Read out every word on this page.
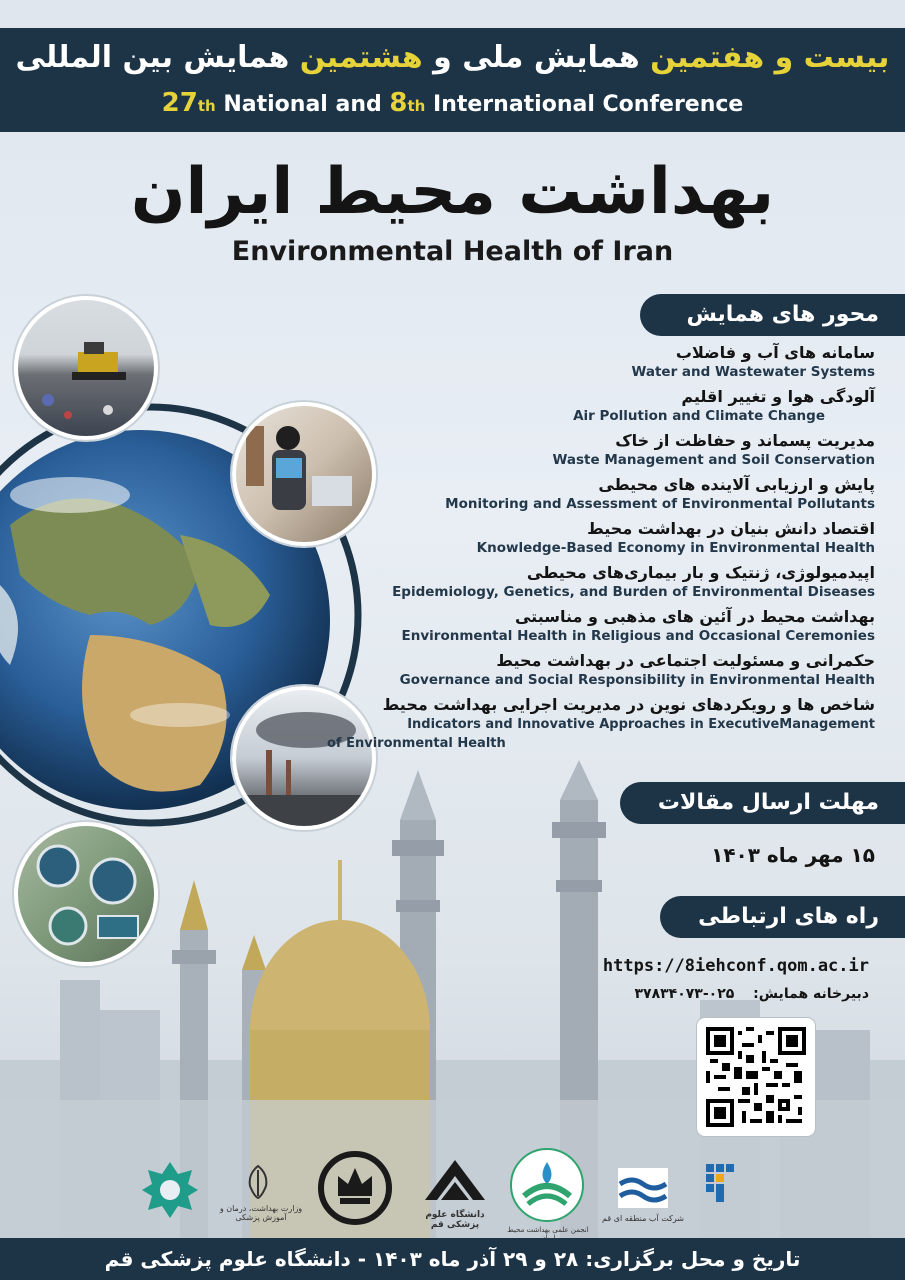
بیست و هفتمین همایش ملی و هشتمین همایش بین المللی
27th National and 8th International Conference
بهداشت محیط ایران
Environmental Health of Iran
محور های همایش
سامانه های آب و فاضلاب
Water and Wastewater Systems
آلودگی هوا و تغییر اقلیم
Air Pollution and Climate Change
مدیریت پسماند و حفاظت از خاک
Waste Management and Soil Conservation
پایش و ارزیابی آلاینده های محیطی
Monitoring and Assessment of Environmental Pollutants
اقتصاد دانش بنیان در بهداشت محیط
Knowledge-Based Economy in Environmental Health
اپیدمیولوژی، ژنتیک و بار بیماری‌های محیطی
Epidemiology, Genetics, and Burden of Environmental Diseases
بهداشت محیط در آئین های مذهبی و مناسبتی
Environmental Health in Religious and Occasional Ceremonies
حکمرانی و مسئولیت اجتماعی در بهداشت محیط
Governance and Social Responsibility in Environmental Health
شاخص ها و رویکردهای نوین در مدیریت اجرایی بهداشت محیط
Indicators and Innovative Approaches in ExecutiveManagement
of Environmental Health
مهلت ارسال مقالات
۱۵ مهر ماه ۱۴۰۳
راه های ارتباطی
https://8iehconf.qom.ac.ir
دبیرخانه همایش: ۰۲۵-۳۷۸۳۴۰۷۳
وزارت بهداشت، درمان و آموزش پزشکی	دانشگاه علوم پزشکی قم	انجمن علمی بهداشت محیط
شرکت آب منطقه ای قم
تاریخ و محل برگزاری: ۲۸ و ۲۹ آذر ماه ۱۴۰۳ - دانشگاه علوم پزشکی قم
